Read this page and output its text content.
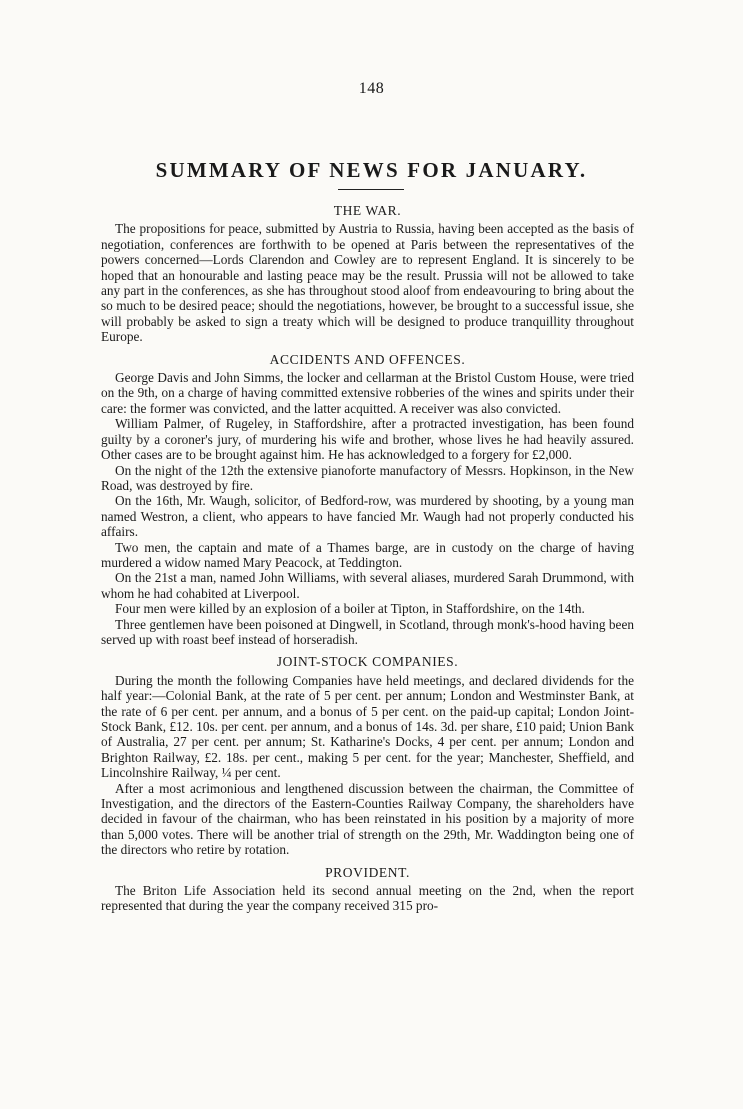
148
SUMMARY OF NEWS FOR JANUARY.
THE WAR.

The propositions for peace, submitted by Austria to Russia, having been accepted as the basis of negotiation, conferences are forthwith to be opened at Paris between the representatives of the powers concerned—Lords Clarendon and Cowley are to represent England. It is sincerely to be hoped that an honourable and lasting peace may be the result. Prussia will not be allowed to take any part in the conferences, as she has throughout stood aloof from endeavouring to bring about the so much to be desired peace; should the negotiations, however, be brought to a successful issue, she will probably be asked to sign a treaty which will be designed to produce tranquillity throughout Europe.

ACCIDENTS AND OFFENCES.

George Davis and John Simms, the locker and cellarman at the Bristol Custom House, were tried on the 9th, on a charge of having committed extensive robberies of the wines and spirits under their care: the former was convicted, and the latter acquitted. A receiver was also convicted.

William Palmer, of Rugeley, in Staffordshire, after a protracted investigation, has been found guilty by a coroner's jury, of murdering his wife and brother, whose lives he had heavily assured. Other cases are to be brought against him. He has acknowledged to a forgery for £2,000.

On the night of the 12th the extensive pianoforte manufactory of Messrs. Hopkinson, in the New Road, was destroyed by fire.

On the 16th, Mr. Waugh, solicitor, of Bedford-row, was murdered by shooting, by a young man named Westron, a client, who appears to have fancied Mr. Waugh had not properly conducted his affairs.

Two men, the captain and mate of a Thames barge, are in custody on the charge of having murdered a widow named Mary Peacock, at Teddington.

On the 21st a man, named John Williams, with several aliases, murdered Sarah Drummond, with whom he had cohabited at Liverpool.

Four men were killed by an explosion of a boiler at Tipton, in Staffordshire, on the 14th.

Three gentlemen have been poisoned at Dingwell, in Scotland, through monk's-hood having been served up with roast beef instead of horseradish.

JOINT-STOCK COMPANIES.

During the month the following Companies have held meetings, and declared dividends for the half year:—Colonial Bank, at the rate of 5 per cent. per annum; London and Westminster Bank, at the rate of 6 per cent. per annum, and a bonus of 5 per cent. on the paid-up capital; London Joint-Stock Bank, £12. 10s. per cent. per annum, and a bonus of 14s. 3d. per share, £10 paid; Union Bank of Australia, 27 per cent. per annum; St. Katharine's Docks, 4 per cent. per annum; London and Brighton Railway, £2. 18s. per cent., making 5 per cent. for the year; Manchester, Sheffield, and Lincolnshire Railway, ¼ per cent.

After a most acrimonious and lengthened discussion between the chairman, the Committee of Investigation, and the directors of the Eastern-Counties Railway Company, the shareholders have decided in favour of the chairman, who has been reinstated in his position by a majority of more than 5,000 votes. There will be another trial of strength on the 29th, Mr. Waddington being one of the directors who retire by rotation.

PROVIDENT.

The Briton Life Association held its second annual meeting on the 2nd, when the report represented that during the year the company received 315 pro-
